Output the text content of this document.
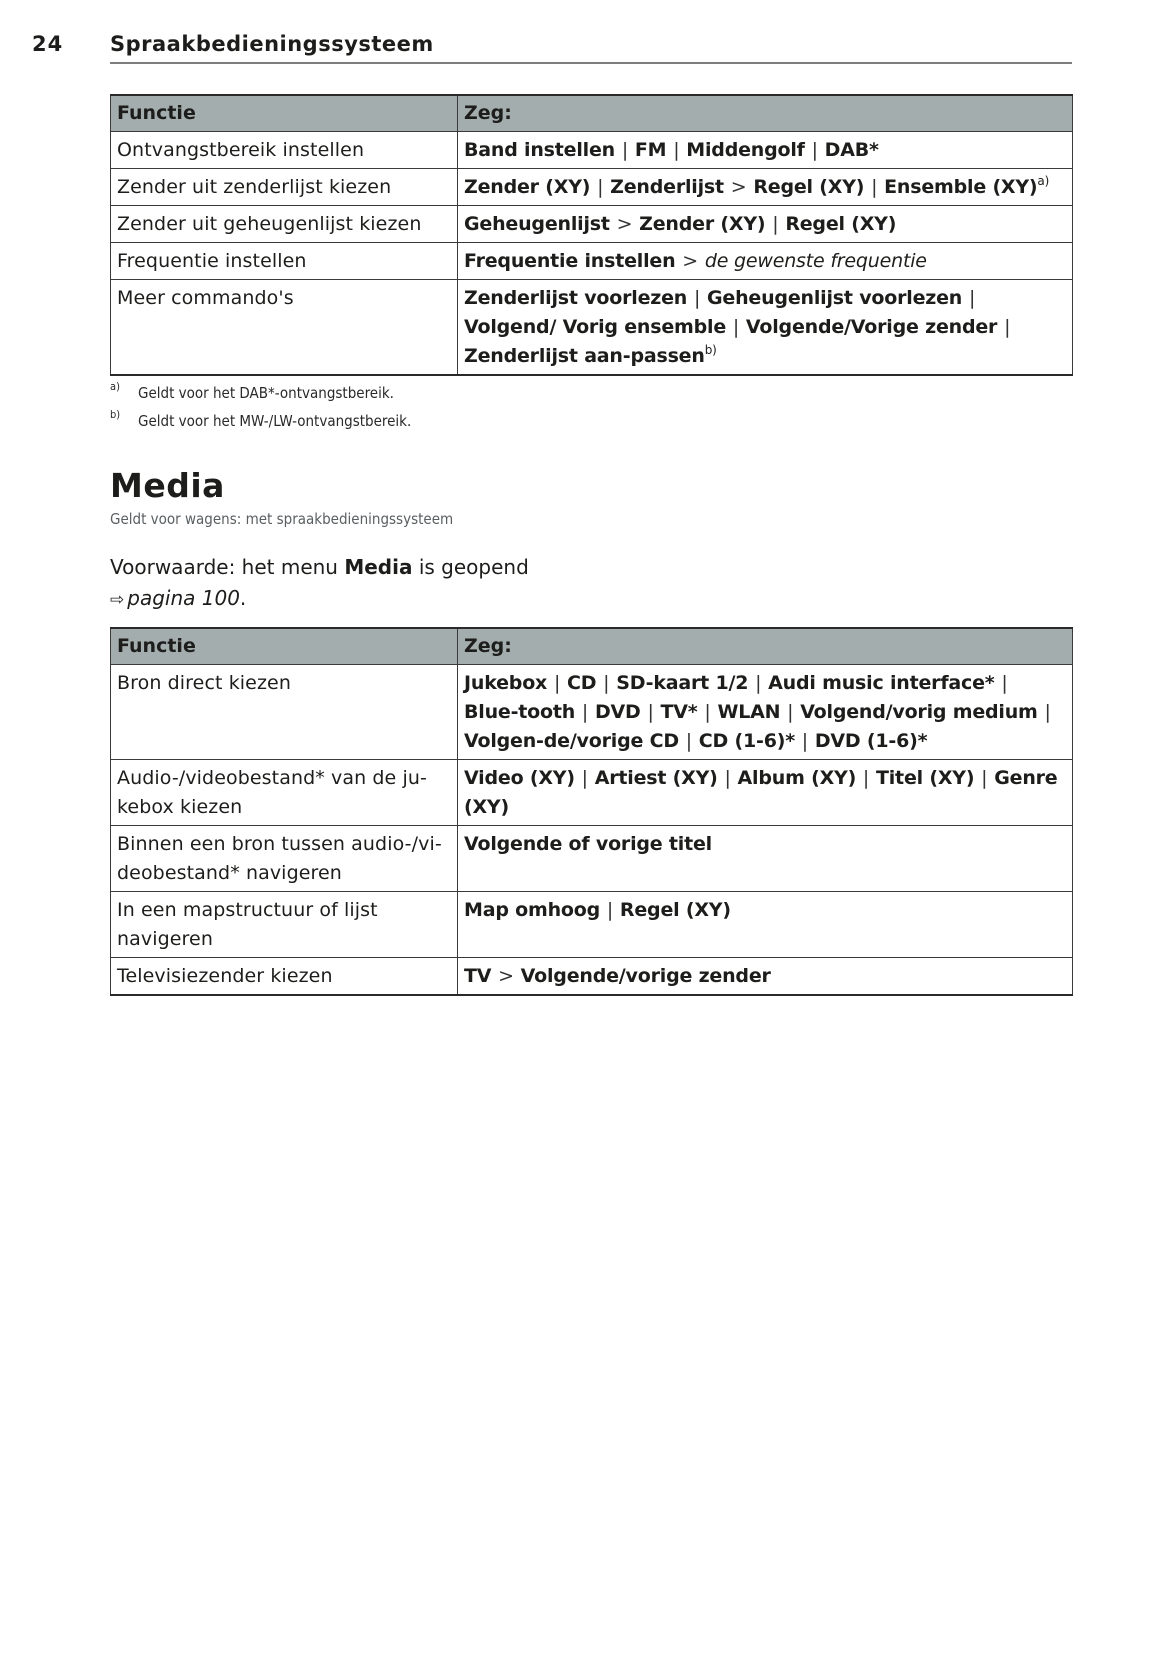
24 Spraakbedieningssysteem
Functie	Zeg:
Ontvangstbereik instellen	Band instellen | FM | Middengolf | DAB*
Zender uit zenderlijst kiezen	Zender (XY) | Zenderlijst > Regel (XY) | Ensemble (XY)$^{a)}$
Zender uit geheugenlijst kiezen	Geheugenlijst > Zender (XY) | Regel (XY)
Frequentie instellen	Frequentie instellen > de gewenste frequentie
Meer commando's	Zenderlijst voorlezen | Geheugenlijst voorlezen | Volgend/ Vorig ensemble | Volgende/Vorige zender | Zenderlijst aan-passen$^{b)}$
a) Geldt voor het DAB*-ontvangstbereik.
b) Geldt voor het MW-/LW-ontvangstbereik.
Media
Geldt voor wagens: met spraakbedieningssysteem
Voorwaarde: het menu Media is geopend
⇨ pagina 100.
Functie	Zeg:
Bron direct kiezen	Jukebox | CD | SD-kaart 1/2 | Audi music interface* | Blue-tooth | DVD | TV* | WLAN | Volgend/vorig medium | Volgen-de/vorige CD | CD (1-6)* | DVD (1-6)*
Audio-/videobestand* van de ju-kebox kiezen	Video (XY) | Artiest (XY) | Album (XY) | Titel (XY) | Genre (XY)
Binnen een bron tussen audio-/vi-deobestand* navigeren	Volgende of vorige titel
In een mapstructuur of lijst navigeren	Map omhoog | Regel (XY)
Televisiezender kiezen	TV > Volgende/vorige zender
